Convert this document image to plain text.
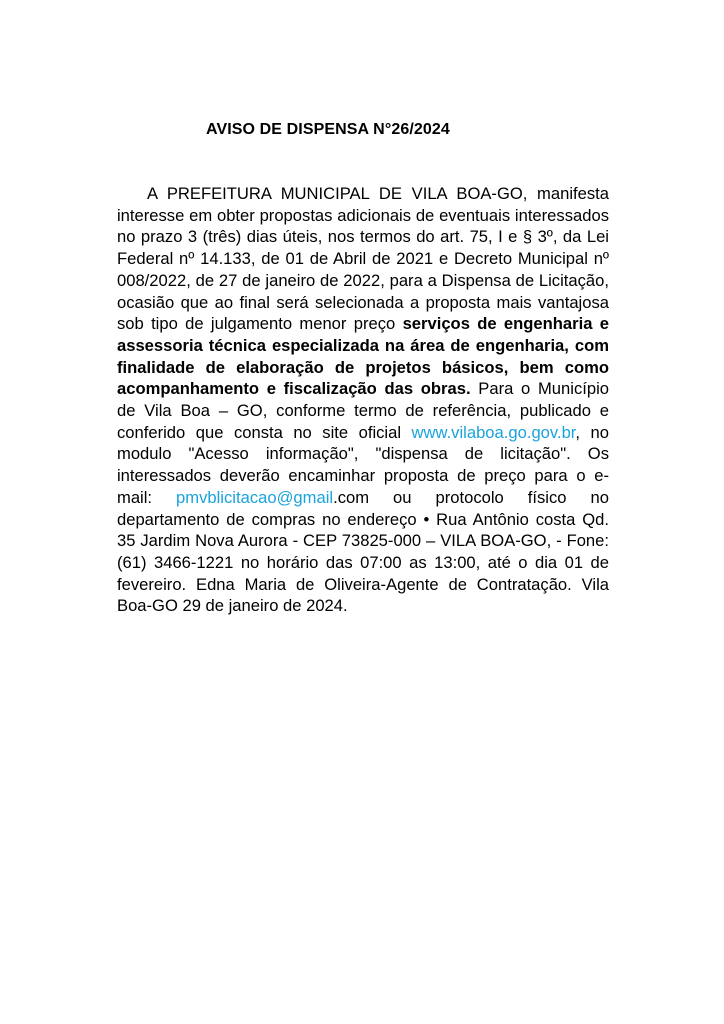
AVISO DE DISPENSA N°26/2024

A PREFEITURA MUNICIPAL DE VILA BOA-GO, manifesta interesse em obter propostas adicionais de eventuais interessados no prazo 3 (três) dias úteis, nos termos do art. 75, I e § 3º, da Lei Federal nº 14.133, de 01 de Abril de 2021 e Decreto Municipal nº 008/2022, de 27 de janeiro de 2022, para a Dispensa de Licitação, ocasião que ao final será selecionada a proposta mais vantajosa sob tipo de julgamento menor preço serviços de engenharia e assessoria técnica especializada na área de engenharia, com finalidade de elaboração de projetos básicos, bem como acompanhamento e fiscalização das obras. Para o Município de Vila Boa – GO, conforme termo de referência, publicado e conferido que consta no site oficial www.vilaboa.go.gov.br, no modulo "Acesso informação", "dispensa de licitação". Os interessados deverão encaminhar proposta de preço para o e-mail: pmvblicitacao@gmail.com ou protocolo físico no departamento de compras no endereço • Rua Antônio costa Qd. 35 Jardim Nova Aurora - CEP 73825-000 – VILA BOA-GO, - Fone: (61) 3466-1221 no horário das 07:00 as 13:00, até o dia 01 de fevereiro. Edna Maria de Oliveira-Agente de Contratação. Vila Boa-GO 29 de janeiro de 2024.
